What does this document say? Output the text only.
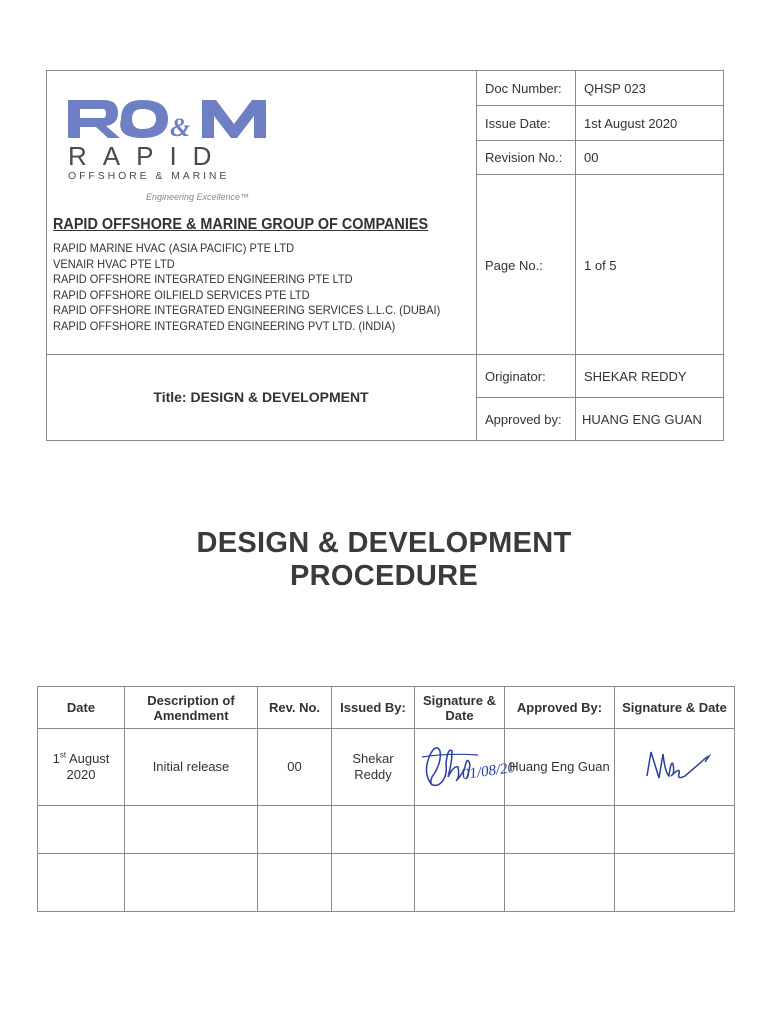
&
RAPID
OFFSHORE & MARINE
Engineering Excellence™
RAPID OFFSHORE & MARINE GROUP OF COMPANIES
RAPID MARINE HVAC (ASIA PACIFIC) PTE LTD
VENAIR HVAC PTE LTD
RAPID OFFSHORE INTEGRATED ENGINEERING PTE LTD
RAPID OFFSHORE OILFIELD SERVICES PTE LTD
RAPID OFFSHORE INTEGRATED ENGINEERING SERVICES L.L.C. (DUBAI)
RAPID OFFSHORE INTEGRATED ENGINEERING PVT LTD. (INDIA)
Title: DESIGN & DEVELOPMENT
Doc Number: QHSP 023
Issue Date:	1st August 2020
Revision No.: 00
Page No.:	1 of 5
Originator:	SHEKAR REDDY
Approved by: HUANG ENG GUAN
DESIGN & DEVELOPMENT
PROCEDURE
Date	Description of Amendment	Rev. No.	Issued By:	Signature & Date	Approved By:	Signature & Date
1st August 2020	Initial release	00	Shekar Reddy	01/08/20	Huang Eng Guan	
